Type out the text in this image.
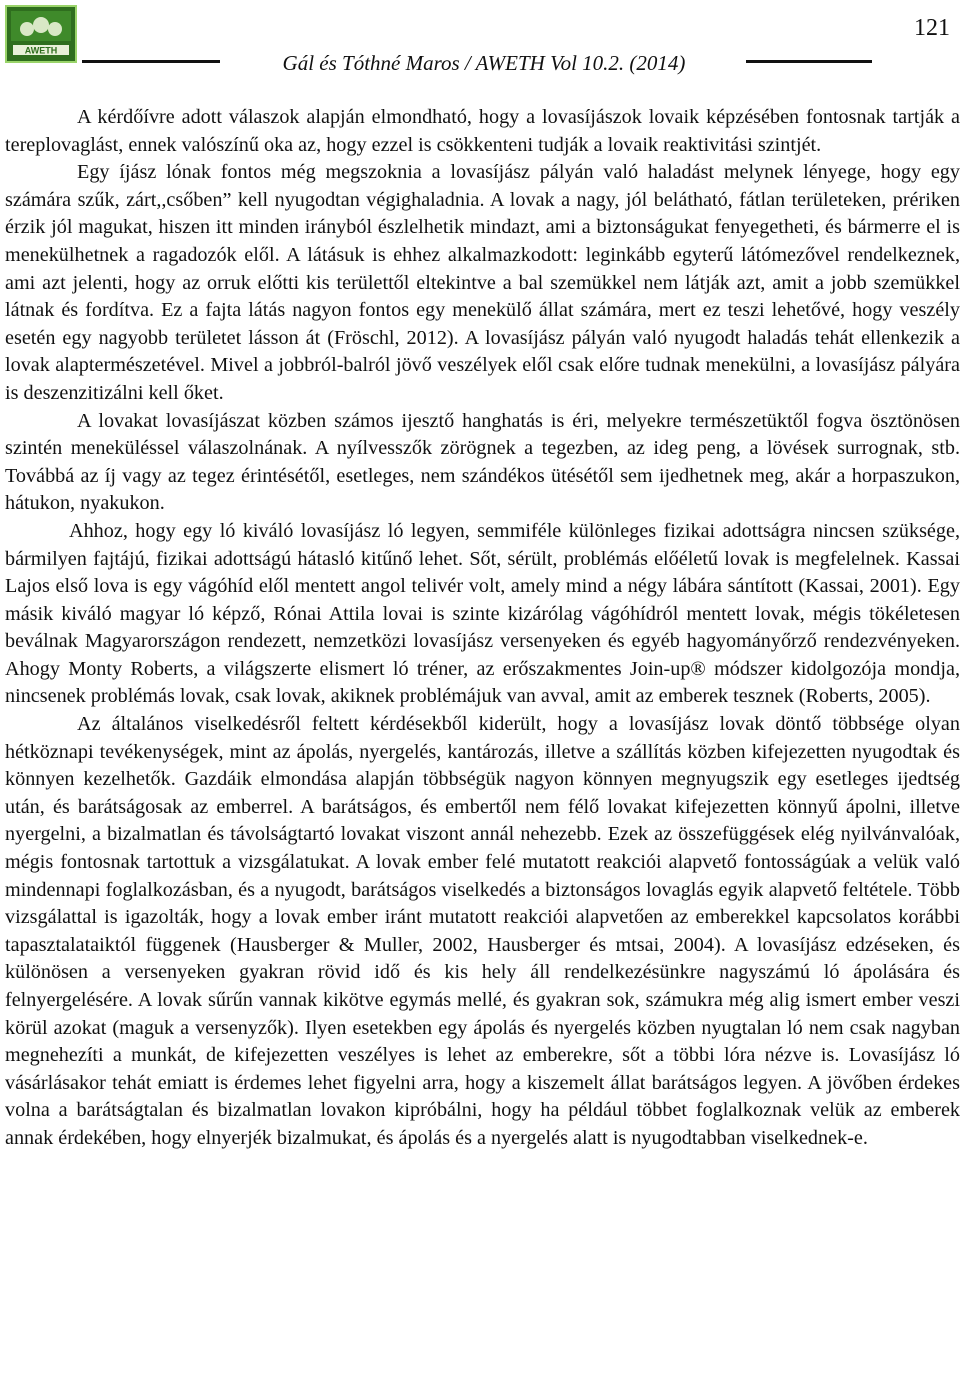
AWETH
121
Gál és Tóthné Maros / AWETH Vol 10.2. (2014)

A kérdőívre adott válaszok alapján elmondható, hogy a lovasíjászok lovaik képzésében fontosnak tartják a tereplovaglást, ennek valószínű oka az, hogy ezzel is csökkenteni tudják a lovaik reaktivitási szintjét.

Egy íjász lónak fontos még megszoknia a lovasíjász pályán való haladást melynek lényege, hogy egy számára szűk, zárt,,csőben” kell nyugodtan végighaladnia. A lovak a nagy, jól belátható, fátlan területeken, prériken érzik jól magukat, hiszen itt minden irányból észlelhetik mindazt, ami a biztonságukat fenyegetheti, és bármerre el is menekülhetnek a ragadozók elől. A látásuk is ehhez alkalmazkodott: leginkább egyterű látómezővel rendelkeznek, ami azt jelenti, hogy az orruk előtti kis területtől eltekintve a bal szemükkel nem látják azt, amit a jobb szemükkel látnak és fordítva. Ez a fajta látás nagyon fontos egy menekülő állat számára, mert ez teszi lehetővé, hogy veszély esetén egy nagyobb területet lásson át (Fröschl, 2012). A lovasíjász pályán való nyugodt haladás tehát ellenkezik a lovak alaptermészetével. Mivel a jobbról-balról jövő veszélyek elől csak előre tudnak menekülni, a lovasíjász pályára is deszenzitizálni kell őket.

A lovakat lovasíjászat közben számos ijesztő hanghatás is éri, melyekre természetüktől fogva ösztönösen szintén meneküléssel válaszolnának. A nyílvesszők zörögnek a tegezben, az ideg peng, a lövések surrognak, stb. Továbbá az íj vagy az tegez érintésétől, esetleges, nem szándékos ütésétől sem ijedhetnek meg, akár a horpaszukon, hátukon, nyakukon.

Ahhoz, hogy egy ló kiváló lovasíjász ló legyen, semmiféle különleges fizikai adottságra nincsen szüksége, bármilyen fajtájú, fizikai adottságú hátasló kitűnő lehet. Sőt, sérült, problémás előéletű lovak is megfelelnek. Kassai Lajos első lova is egy vágóhíd elől mentett angol telivér volt, amely mind a négy lábára sántított (Kassai, 2001). Egy másik kiváló magyar ló képző, Rónai Attila lovai is szinte kizárólag vágóhídról mentett lovak, mégis tökéletesen beválnak Magyarországon rendezett, nemzetközi lovasíjász versenyeken és egyéb hagyományőrző rendezvényeken. Ahogy Monty Roberts, a világszerte elismert ló tréner, az erőszakmentes Join-up® módszer kidolgozója mondja, nincsenek problémás lovak, csak lovak, akiknek problémájuk van avval, amit az emberek tesznek (Roberts, 2005).

Az általános viselkedésről feltett kérdésekből kiderült, hogy a lovasíjász lovak döntő többsége olyan hétköznapi tevékenységek, mint az ápolás, nyergelés, kantározás, illetve a szállítás közben kifejezetten nyugodtak és könnyen kezelhetők. Gazdáik elmondása alapján többségük nagyon könnyen megnyugszik egy esetleges ijedtség után, és barátságosak az emberrel. A barátságos, és embertől nem félő lovakat kifejezetten könnyű ápolni, illetve nyergelni, a bizalmatlan és távolságtartó lovakat viszont annál nehezebb. Ezek az összefüggések elég nyilvánvalóak, mégis fontosnak tartottuk a vizsgálatukat. A lovak ember felé mutatott reakciói alapvető fontosságúak a velük való mindennapi foglalkozásban, és a nyugodt, barátságos viselkedés a biztonságos lovaglás egyik alapvető feltétele. Több vizsgálattal is igazolták, hogy a lovak ember iránt mutatott reakciói alapvetően az emberekkel kapcsolatos korábbi tapasztalataiktól függenek (Hausberger & Muller, 2002, Hausberger és mtsai, 2004). A lovasíjász edzéseken, és különösen a versenyeken gyakran rövid idő és kis hely áll rendelkezésünkre nagyszámú ló ápolására és felnyergelésére. A lovak sűrűn vannak kikötve egymás mellé, és gyakran sok, számukra még alig ismert ember veszi körül azokat (maguk a versenyzők). Ilyen esetekben egy ápolás és nyergelés közben nyugtalan ló nem csak nagyban megnehezíti a munkát, de kifejezetten veszélyes is lehet az emberekre, sőt a többi lóra nézve is. Lovasíjász ló vásárlásakor tehát emiatt is érdemes lehet figyelni arra, hogy a kiszemelt állat barátságos legyen. A jövőben érdekes volna a barátságtalan és bizalmatlan lovakon kipróbálni, hogy ha például többet foglalkoznak velük az emberek annak érdekében, hogy elnyerjék bizalmukat, és ápolás és a nyergelés alatt is nyugodtabban viselkednek-e.
